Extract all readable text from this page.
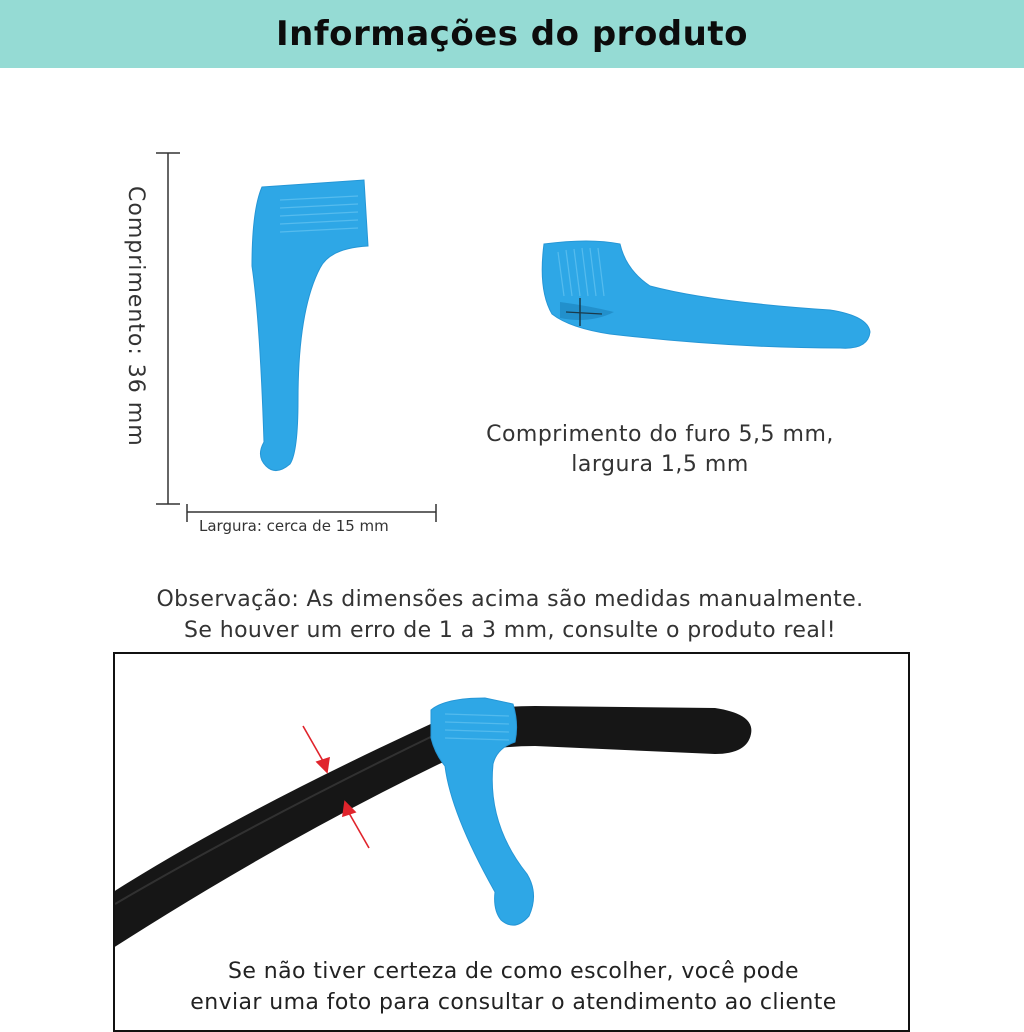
Informações do produto
Comprimento: 36 mm
Largura: cerca de 15 mm
Comprimento do furo 5,5 mm,
largura 1,5 mm
Observação: As dimensões acima são medidas manualmente.
Se houver um erro de 1 a 3 mm, consulte o produto real!
Se não tiver certeza de como escolher, você pode
enviar uma foto para consultar o atendimento ao cliente
